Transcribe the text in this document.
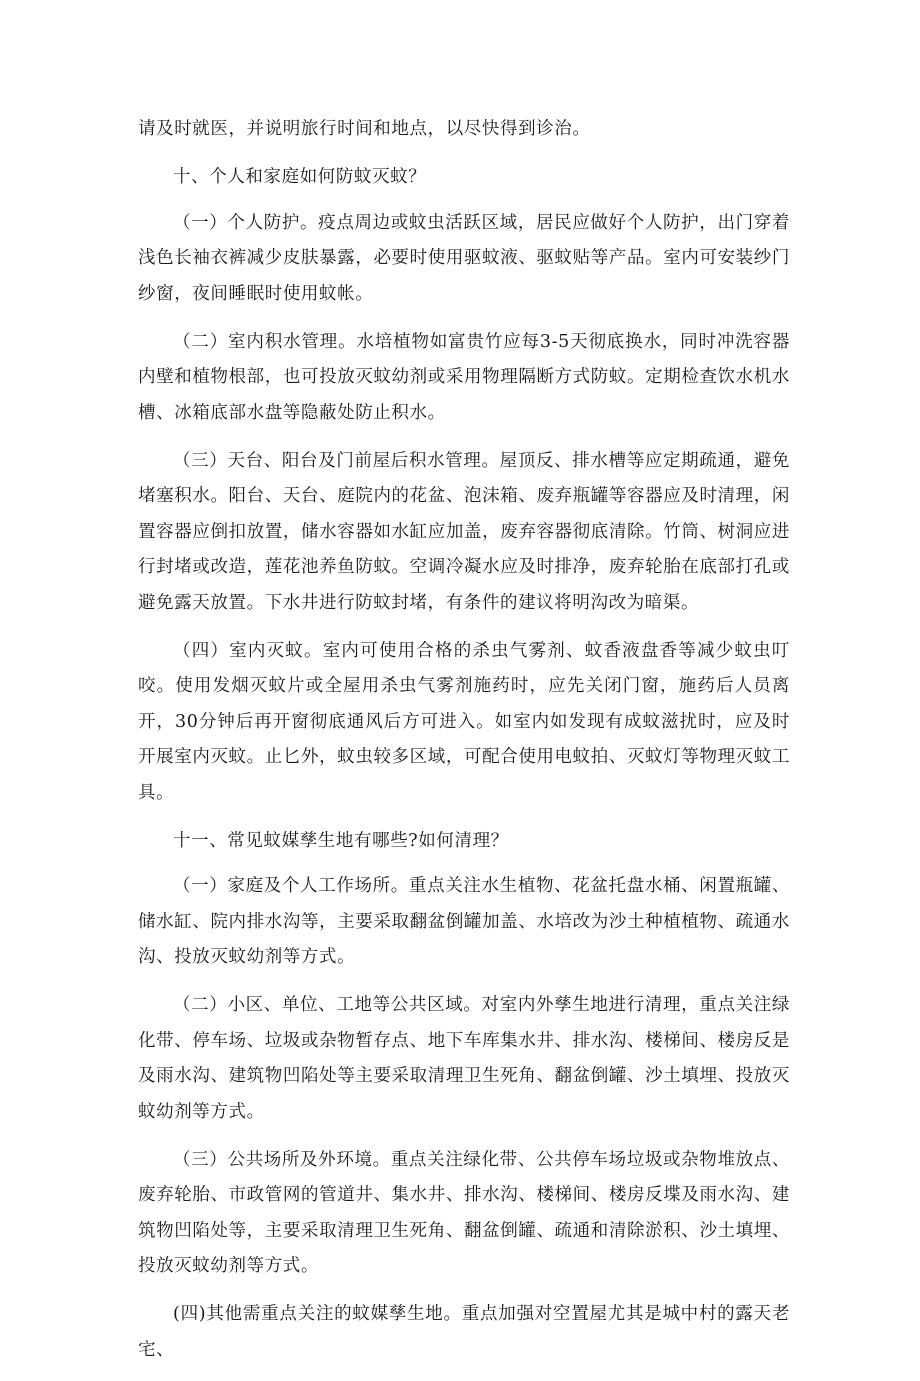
请及时就医，并说明旅行时间和地点，以尽快得到诊治。

十、个人和家庭如何防蚊灭蚊？

（一）个人防护。疫点周边或蚊虫活跃区域，居民应做好个人防护，出门穿着浅色长袖衣裤减少皮肤暴露，必要时使用驱蚊液、驱蚊贴等产品。室内可安装纱门纱窗，夜间睡眠时使用蚊帐。

（二）室内积水管理。水培植物如富贵竹应每3-5天彻底换水，同时冲洗容器内壁和植物根部，也可投放灭蚊幼剂或采用物理隔断方式防蚊。定期检查饮水机水槽、冰箱底部水盘等隐蔽处防止积水。

（三）天台、阳台及门前屋后积水管理。屋顶反、排水槽等应定期疏通，避免堵塞积水。阳台、天台、庭院内的花盆、泡沫箱、废弃瓶罐等容器应及时清理，闲置容器应倒扣放置，储水容器如水缸应加盖，废弃容器彻底清除。竹筒、树洞应进行封堵或改造，莲花池养鱼防蚊。空调冷凝水应及时排净，废弃轮胎在底部打孔或避免露天放置。下水井进行防蚊封堵，有条件的建议将明沟改为暗渠。

（四）室内灭蚊。室内可使用合格的杀虫气雾剂、蚊香液盘香等减少蚊虫叮咬。使用发烟灭蚊片或全屋用杀虫气雾剂施药时，应先关闭门窗，施药后人员离开，30分钟后再开窗彻底通风后方可进入。如室内如发现有成蚊滋扰时，应及时开展室内灭蚊。止匕外，蚊虫较多区域，可配合使用电蚊拍、灭蚊灯等物理灭蚊工具。

十一、常见蚊媒孳生地有哪些?如何清理？

（一）家庭及个人工作场所。重点关注水生植物、花盆托盘水桶、闲置瓶罐、储水缸、院内排水沟等，主要采取翻盆倒罐加盖、水培改为沙土种植植物、疏通水沟、投放灭蚊幼剂等方式。

（二）小区、单位、工地等公共区域。对室内外孳生地进行清理，重点关注绿化带、停车场、垃圾或杂物暂存点、地下车库集水井、排水沟、楼梯间、楼房反是及雨水沟、建筑物凹陷处等主要采取清理卫生死角、翻盆倒罐、沙土填埋、投放灭蚊幼剂等方式。

（三）公共场所及外环境。重点关注绿化带、公共停车场垃圾或杂物堆放点、废弃轮胎、市政管网的管道井、集水井、排水沟、楼梯间、楼房反堞及雨水沟、建筑物凹陷处等，主要采取清理卫生死角、翻盆倒罐、疏通和清除淤积、沙土填埋、投放灭蚊幼剂等方式。

(四)其他需重点关注的蚊媒孳生地。重点加强对空置屋尤其是城中村的露天老宅、
